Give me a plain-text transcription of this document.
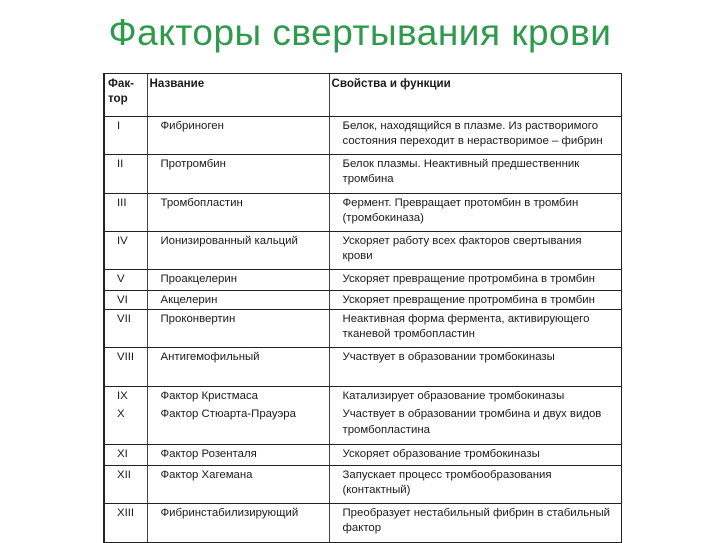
Факторы свертывания крови
Фак-
тор	Название	Свойства и функции
I	Фибриноген	Белок, находящийся в плазме. Из растворимого
состояния переходит в нерастворимое – фибрин

II	Протромбин	Белок плазмы. Неактивный предшественник
тромбина

III	Тромбопластин	Фермент. Превращает протомбин в тромбин
(тромбокиназа)

IV	Ионизированный кальций	Ускоряет работу всех факторов свертывания
крови

V	Проакцелерин	Ускоряет превращение протромбина в тромбин

VI	Акцелерин	Ускоряет превращение протромбина в тромбин

VII	Проконвертин	Неактивная форма фермента, активирующего
тканевой тромбопластин

VIII	Антигемофильный	Участвует в образовании тромбокиназы

IX	Фактор Кристмаса	Катализирует образование тромбокиназы

X	Фактор Стюарта-Прауэра	Участвует в образовании тромбина и двух видов
тромбопластина

XI	Фактор Розенталя	Ускоряет образование тромбокиназы

XII	Фактор Хагемана	Запускает процесс тромбообразования
(контактный)

XIII	Фибринстабилизирующий	Преобразует нестабильный фибрин в стабильный
фактор
